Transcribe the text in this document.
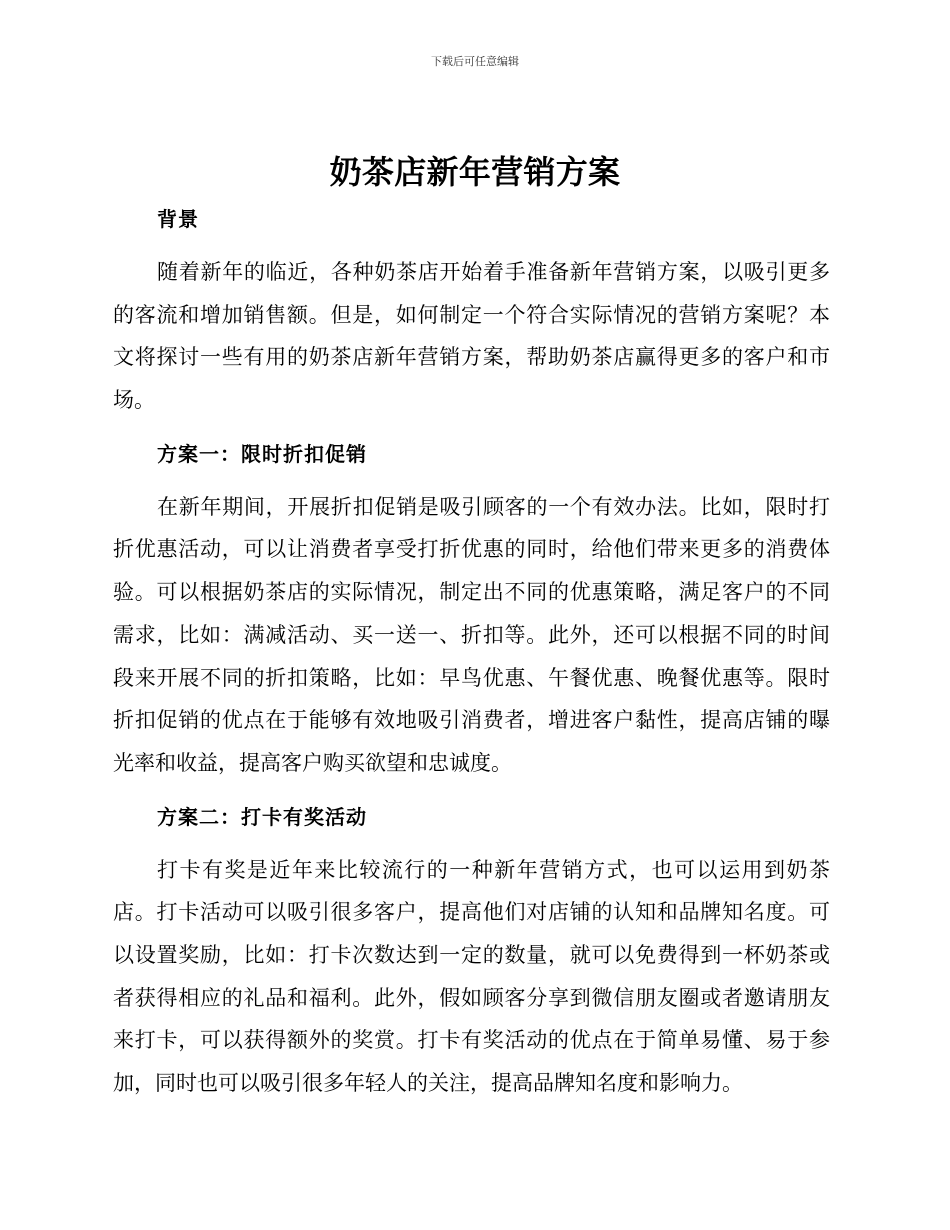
下载后可任意编辑
奶茶店新年营销方案
背景
随着新年的临近，各种奶茶店开始着手准备新年营销方案，以吸引更多
的客流和增加销售额。但是，如何制定一个符合实际情况的营销方案呢？本
文将探讨一些有用的奶茶店新年营销方案，帮助奶茶店赢得更多的客户和市
场。
方案一：限时折扣促销
在新年期间，开展折扣促销是吸引顾客的一个有效办法。比如，限时打
折优惠活动，可以让消费者享受打折优惠的同时，给他们带来更多的消费体
验。可以根据奶茶店的实际情况，制定出不同的优惠策略，满足客户的不同
需求，比如：满减活动、买一送一、折扣等。此外，还可以根据不同的时间
段来开展不同的折扣策略，比如：早鸟优惠、午餐优惠、晚餐优惠等。限时
折扣促销的优点在于能够有效地吸引消费者，增进客户黏性，提高店铺的曝
光率和收益，提高客户购买欲望和忠诚度。
方案二：打卡有奖活动
打卡有奖是近年来比较流行的一种新年营销方式，也可以运用到奶茶
店。打卡活动可以吸引很多客户，提高他们对店铺的认知和品牌知名度。可
以设置奖励，比如：打卡次数达到一定的数量，就可以免费得到一杯奶茶或
者获得相应的礼品和福利。此外，假如顾客分享到微信朋友圈或者邀请朋友
来打卡，可以获得额外的奖赏。打卡有奖活动的优点在于简单易懂、易于参
加，同时也可以吸引很多年轻人的关注，提高品牌知名度和影响力。
